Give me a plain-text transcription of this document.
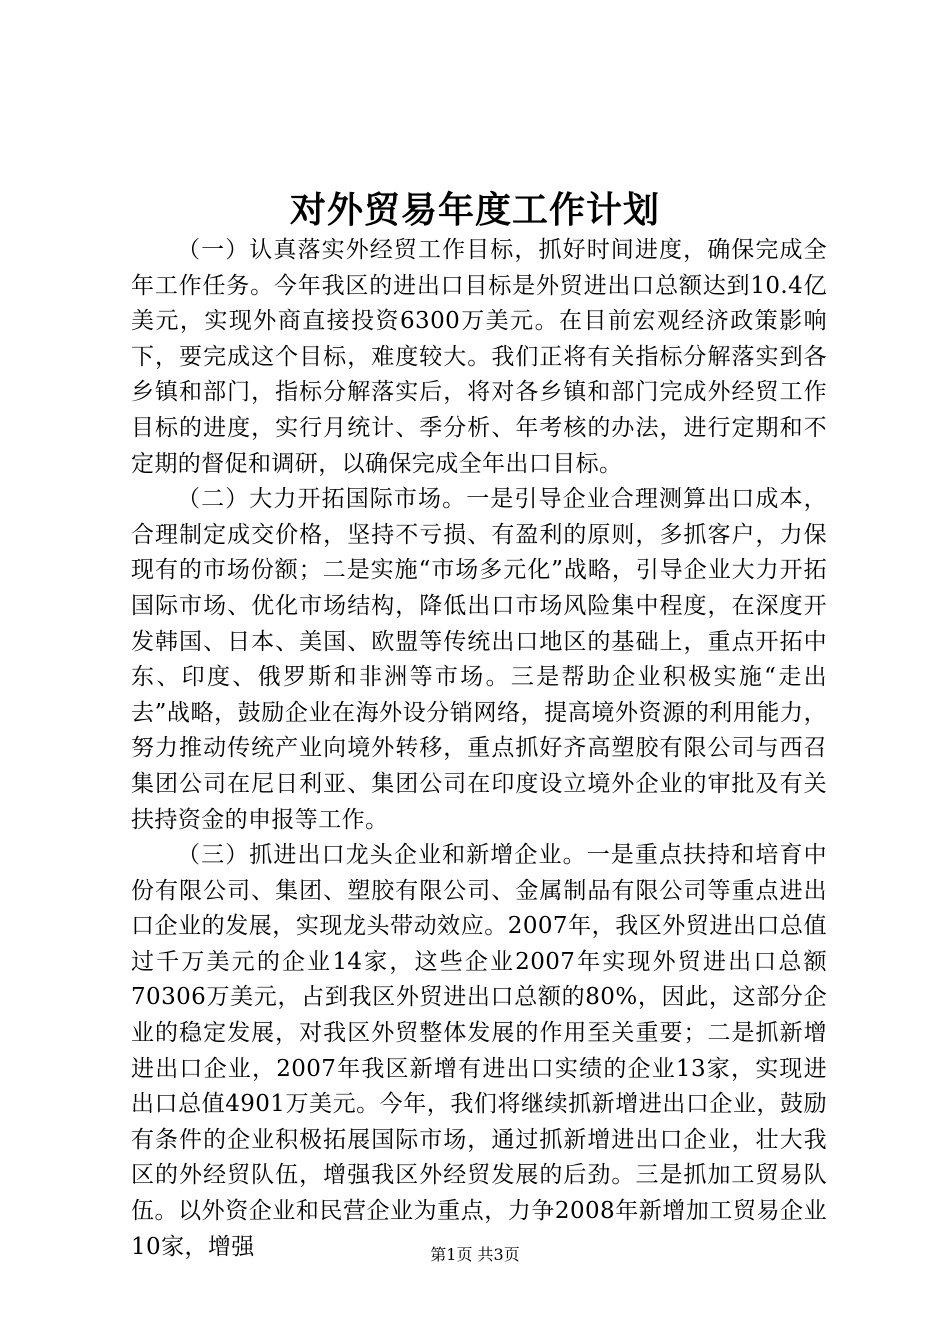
对外贸易年度工作计划

（一）认真落实外经贸工作目标，抓好时间进度，确保完成全年工作任务。今年我区的进出口目标是外贸进出口总额达到10.4亿美元，实现外商直接投资6300万美元。在目前宏观经济政策影响下，要完成这个目标，难度较大。我们正将有关指标分解落实到各乡镇和部门，指标分解落实后，将对各乡镇和部门完成外经贸工作目标的进度，实行月统计、季分析、年考核的办法，进行定期和不定期的督促和调研，以确保完成全年出口目标。

（二）大力开拓国际市场。一是引导企业合理测算出口成本，合理制定成交价格，坚持不亏损、有盈利的原则，多抓客户，力保现有的市场份额；二是实施“市场多元化”战略，引导企业大力开拓国际市场、优化市场结构，降低出口市场风险集中程度，在深度开发韩国、日本、美国、欧盟等传统出口地区的基础上，重点开拓中东、印度、俄罗斯和非洲等市场。三是帮助企业积极实施“走出去”战略，鼓励企业在海外设分销网络，提高境外资源的利用能力，努力推动传统产业向境外转移，重点抓好齐高塑胶有限公司与西召集团公司在尼日利亚、集团公司在印度设立境外企业的审批及有关扶持资金的申报等工作。

（三）抓进出口龙头企业和新增企业。一是重点扶持和培育中份有限公司、集团、塑胶有限公司、金属制品有限公司等重点进出口企业的发展，实现龙头带动效应。2007年，我区外贸进出口总值过千万美元的企业14家，这些企业2007年实现外贸进出口总额70306万美元，占到我区外贸进出口总额的80%，因此，这部分企业的稳定发展，对我区外贸整体发展的作用至关重要；二是抓新增进出口企业，2007年我区新增有进出口实绩的企业13家，实现进出口总值4901万美元。今年，我们将继续抓新增进出口企业，鼓励有条件的企业积极拓展国际市场，通过抓新增进出口企业，壮大我区的外经贸队伍，增强我区外经贸发展的后劲。三是抓加工贸易队伍。以外资企业和民营企业为重点，力争2008年新增加工贸易企业10家，增强	第1页 共3页
